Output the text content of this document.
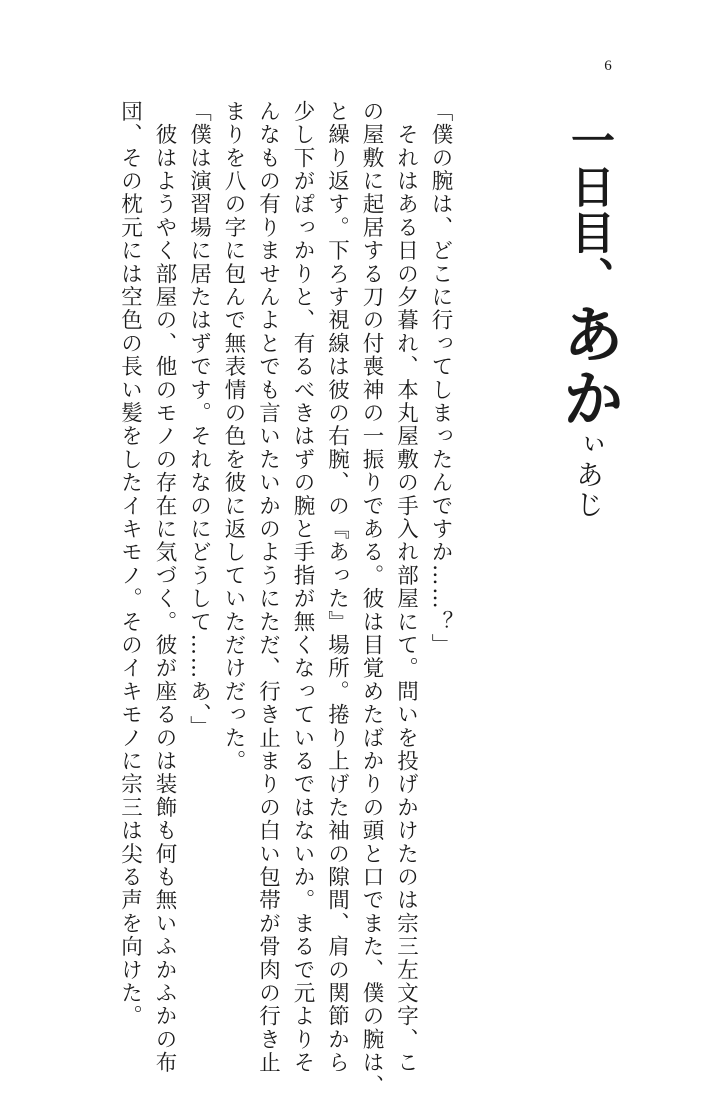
6
一日目、あかぃあじ

「僕の腕は、どこに行ってしまったんですか……？」

　それはある日の夕暮れ、本丸屋敷の手入れ部屋にて。問いを投げかけたのは宗三左文字、こ

の屋敷に起居する刀の付喪神の一振りである。彼は目覚めたばかりの頭と口でまた、僕の腕は、

と繰り返す。下ろす視線は彼の右腕、の『あった』場所。捲り上げた袖の隙間、肩の関節から

少し下がぽっかりと、有るべきはずの腕と手指が無くなっているではないか。まるで元よりそ

んなもの有りませんよとでも言いたいかのようにただ、行き止まりの白い包帯が骨肉の行き止

まりを八の字に包んで無表情の色を彼に返していただけだった。

「僕は演習場に居たはずです。それなのにどうして……あ、」

　彼はようやく部屋の、他のモノの存在に気づく。彼が座るのは装飾も何も無いふかふかの布

団、その枕元には空色の長い髪をしたイキモノ。そのイキモノに宗三は尖る声を向けた。
